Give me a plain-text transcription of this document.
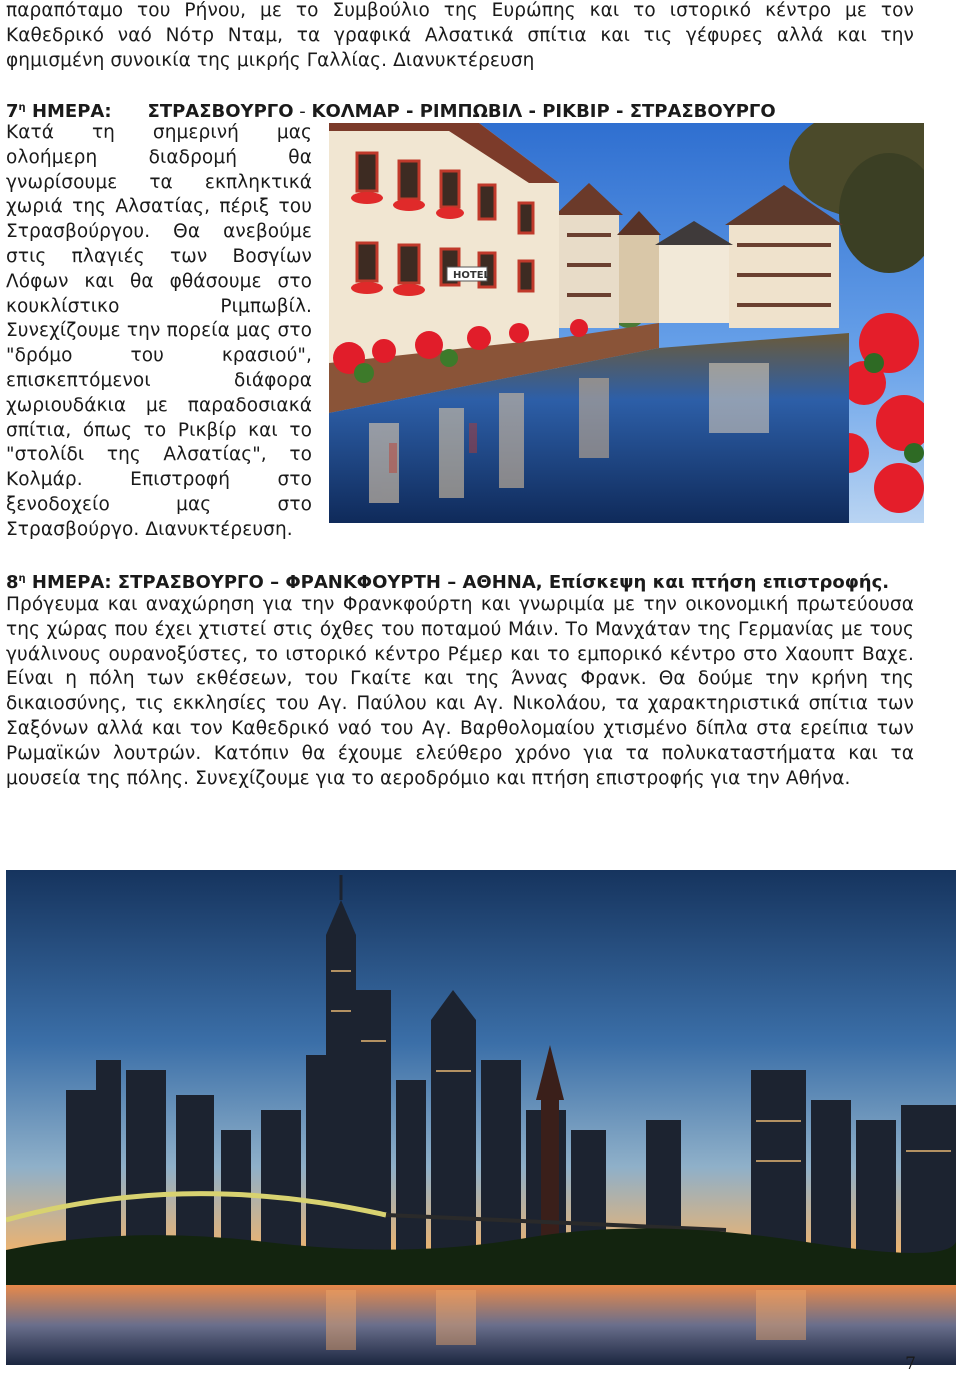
παραπόταμο του Ρήνου, με το Συμβούλιο της Ευρώπης και το ιστορικό κέντρο με τον Καθεδρικό ναό Νότρ Νταμ, τα γραφικά Αλσατικά σπίτια και τις γέφυρες αλλά και την φημισμένη συνοικία της μικρής Γαλλίας. Διανυκτέρευση

$7^\eta$ ΗΜΕΡΑ: ΣΤΡΑΣΒΟΥΡΓΟ - ΚΟΛΜΑΡ - ΡΙΜΠΩΒΙΛ - ΡΙΚΒΙΡ - ΣΤΡΑΣΒΟΥΡΓΟ

Κατά τη σημερινή μας ολοήμερη διαδρομή θα γνωρίσουμε τα εκπληκτικά χωριά της Αλσατίας, πέριξ του Στρασβούργου. Θα ανεβούμε στις πλαγιές των Βοσγίων Λόφων και θα φθάσουμε στο κουκλίστικο Ριμπωβίλ. Συνεχίζουμε την πορεία μας στο "δρόμο του κρασιού", επισκεπτόμενοι διάφορα χωριουδάκια με παραδοσιακά σπίτια, όπως το Ρικβίρ και το "στολίδι της Αλσατίας", το Κολμάρ. Επιστροφή στο ξενοδοχείο μας στο Στρασβούργο. Διανυκτέρευση.

HOTEL
$8^\eta$ ΗΜΕΡΑ: ΣΤΡΑΣΒΟΥΡΓΟ – ΦΡΑΝΚΦΟΥΡΤΗ – ΑΘΗΝΑ, Επίσκεψη και πτήση επιστροφής.

Πρόγευμα και αναχώρηση για την Φρανκφούρτη και γνωριμία με την οικονομική πρωτεύουσα της χώρας που έχει χτιστεί στις όχθες του ποταμού Μάιν. Το Μανχάταν της Γερμανίας με τους γυάλινους ουρανοξύστες, το ιστορικό κέντρο Ρέμερ και το εμπορικό κέντρο στο Χαουπτ Βαχε. Είναι η πόλη των εκθέσεων, του Γκαίτε και της Άννας Φρανκ. Θα δούμε την κρήνη της δικαιοσύνης, τις εκκλησίες του Αγ. Παύλου και Αγ. Νικολάου, τα χαρακτηριστικά σπίτια των Σαξόνων αλλά και τον Καθεδρικό ναό του Αγ. Βαρθολομαίου χτισμένο δίπλα στα ερείπια των Ρωμαϊκών λουτρών. Κατόπιν θα έχουμε ελεύθερο χρόνο για τα πολυκαταστήματα και τα μουσεία της πόλης. Συνεχίζουμε για το αεροδρόμιο και πτήση επιστροφής για την Αθήνα.

7
